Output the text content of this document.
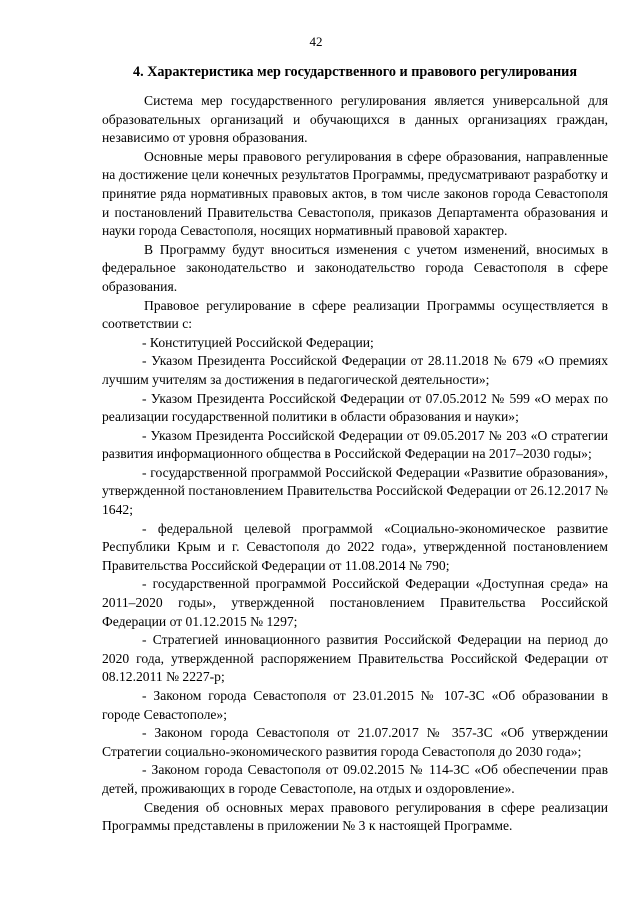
42
4. Характеристика мер государственного и правового регулирования

Система мер государственного регулирования является универсальной для образовательных организаций и обучающихся в данных организациях граждан, независимо от уровня образования.

Основные меры правового регулирования в сфере образования, направленные на достижение цели конечных результатов Программы, предусматривают разработку и принятие ряда нормативных правовых актов, в том числе законов города Севастополя и постановлений Правительства Севастополя, приказов Департамента образования и науки города Севастополя, носящих нормативный правовой характер.

В Программу будут вноситься изменения с учетом изменений, вносимых в федеральное законодательство и законодательство города Севастополя в сфере образования.

Правовое регулирование в сфере реализации Программы осуществляется в соответствии с:

- Конституцией Российской Федерации;

- Указом Президента Российской Федерации от 28.11.2018 № 679 «О премиях лучшим учителям за достижения в педагогической деятельности»;

- Указом Президента Российской Федерации от 07.05.2012 № 599 «О мерах по реализации государственной политики в области образования и науки»;

- Указом Президента Российской Федерации от 09.05.2017 № 203 «О стратегии развития информационного общества в Российской Федерации на 2017–2030 годы»;

- государственной программой Российской Федерации «Развитие образования», утвержденной постановлением Правительства Российской Федерации от 26.12.2017 № 1642;

- федеральной целевой программой «Социально-экономическое развитие Республики Крым и г. Севастополя до 2022 года», утвержденной постановлением Правительства Российской Федерации от 11.08.2014 № 790;

- государственной программой Российской Федерации «Доступная среда» на 2011–2020 годы», утвержденной постановлением Правительства Российской Федерации от 01.12.2015 № 1297;

- Стратегией инновационного развития Российской Федерации на период до 2020 года, утвержденной распоряжением Правительства Российской Федерации от 08.12.2011 № 2227-р;

- Законом города Севастополя от 23.01.2015 № 107-ЗС «Об образовании в городе Севастополе»;

- Законом города Севастополя от 21.07.2017 № 357-ЗС «Об утверждении Стратегии социально-экономического развития города Севастополя до 2030 года»;

- Законом города Севастополя от 09.02.2015 № 114-ЗС «Об обеспечении прав детей, проживающих в городе Севастополе, на отдых и оздоровление».

Сведения об основных мерах правового регулирования в сфере реализации Программы представлены в приложении № 3 к настоящей Программе.
